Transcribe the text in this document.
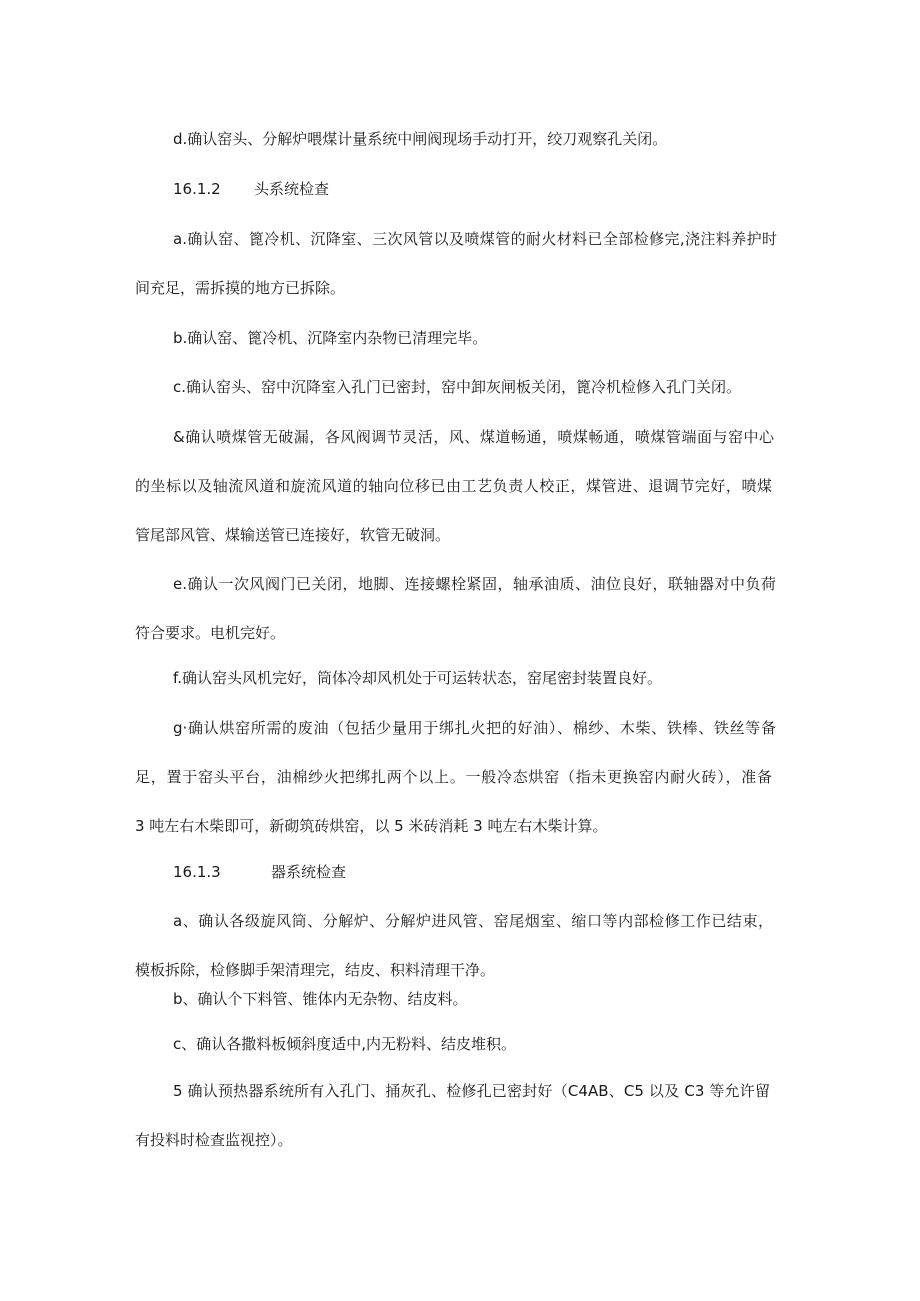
d.确认窑头、分解炉喂煤计量系统中闸阀现场手动打开，绞刀观察孔关闭。
16.1.2 头系统检查
a.确认窑、篦冷机、沉降室、三次风管以及喷煤管的耐火材料已全部检修完,浇注料养护时
间充足，需拆摸的地方已拆除。
b.确认窑、篦冷机、沉降室内杂物已清理完毕。
c.确认窑头、窑中沉降室入孔门已密封，窑中卸灰闸板关闭，篦冷机检修入孔门关闭。
&确认喷煤管无破漏，各风阀调节灵活，风、煤道畅通，喷煤畅通，喷煤管端面与窑中心
的坐标以及轴流风道和旋流风道的轴向位移已由工艺负责人校正，煤管进、退调节完好，喷煤
管尾部风管、煤输送管已连接好，软管无破洞。
e.确认一次风阀门已关闭，地脚、连接螺栓紧固，轴承油质、油位良好，联轴器对中负荷
符合要求。电机完好。
f.确认窑头风机完好，筒体冷却风机处于可运转状态，窑尾密封装置良好。
g·确认烘窑所需的废油（包括少量用于绑扎火把的好油）、棉纱、木柴、铁棒、铁丝等备
足，置于窑头平台，油棉纱火把绑扎两个以上。一般冷态烘窑（指未更换窑内耐火砖），准备
3 吨左右木柴即可，新砌筑砖烘窑，以 5 米砖消耗 3 吨左右木柴计算。
16.1.3	器系统检查
a、确认各级旋风筒、分解炉、分解炉进风管、窑尾烟室、缩口等内部检修工作已结束，
模板拆除，检修脚手架清理完，结皮、积料清理干净。
b、确认个下料管、锥体内无杂物、结皮料。
c、确认各撒料板倾斜度适中,内无粉料、结皮堆积。
5 确认预热器系统所有入孔门、捅灰孔、检修孔已密封好（C4AB、C5 以及 C3 等允许留
有投料时检查监视控）。
